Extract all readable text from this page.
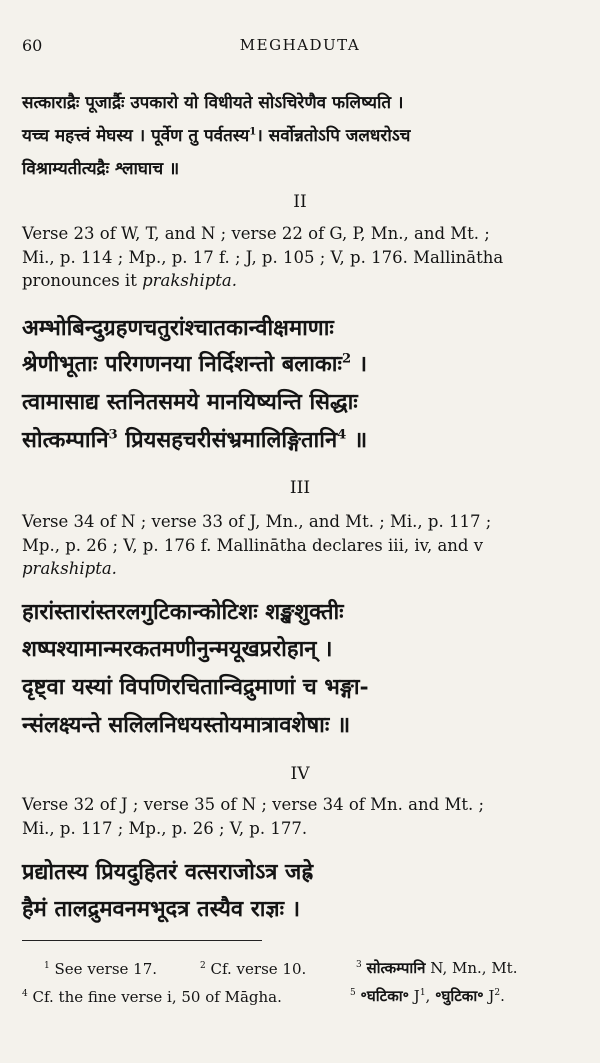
60	MEGHADUTA
सत्काराद्रैः पूजार्द्रैः उपकारो यो विधीयते सोऽचिरेणैव फलिष्यति ।
यच्च महत्त्वं मेघस्य । पूर्वेण तु पर्वतस्य$^1$। सर्वोन्नतोऽपि जलधरोऽच
विश्राम्यतीत्यद्रैः श्लाघाच ॥
II
Verse 23 of W, T, and N ; verse 22 of G, P, Mn., and Mt. ;
Mi., p. 114 ; Mp., p. 17 f. ; J, p. 105 ; V, p. 176. Mallinātha
pronounces it prakshipta.
अम्भोबिन्दुग्रहणचतुरांश्चातकान्वीक्षमाणाः
श्रेणीभूताः परिगणनया निर्दिशन्तो बलाकाः$^2$ ।
त्वामासाद्य स्तनितसमये मानयिष्यन्ति सिद्धाः
सोत्कम्पानि$^3$ प्रियसहचरीसंभ्रमालिङ्गितानि$^4$ ॥
III
Verse 34 of N ; verse 33 of J, Mn., and Mt. ; Mi., p. 117 ;
Mp., p. 26 ; V, p. 176 f. Mallinātha declares iii, iv, and v
prakshipta.
हारांस्तारांस्तरलगुटिकान्कोटिशः शङ्खशुक्तीः
शष्पश्यामान्मरकतमणीनुन्मयूखप्ररोहान् ।
दृष्ट्वा यस्यां विपणिरचितान्विद्रुमाणां च भङ्गा-
न्संलक्ष्यन्ते सलिलनिधयस्तोयमात्रावशेषाः ॥
IV
Verse 32 of J ; verse 35 of N ; verse 34 of Mn. and Mt. ;
Mi., p. 117 ; Mp., p. 26 ; V, p. 177.
प्रद्योतस्य प्रियदुहितरं वत्सराजोऽत्र जह्रे
हैमं तालद्रुमवनमभूदत्र तस्यैव राज्ञः ।
$^1$ See verse 17.	$^2$ Cf. verse 10.	$^3$ सोत्कम्पानि N, Mn., Mt.
$^4$ Cf. the fine verse i, 50 of Māgha.	$^5$ ॰घटिका॰ $J^1$, ॰घुटिका॰ $J^2$.
